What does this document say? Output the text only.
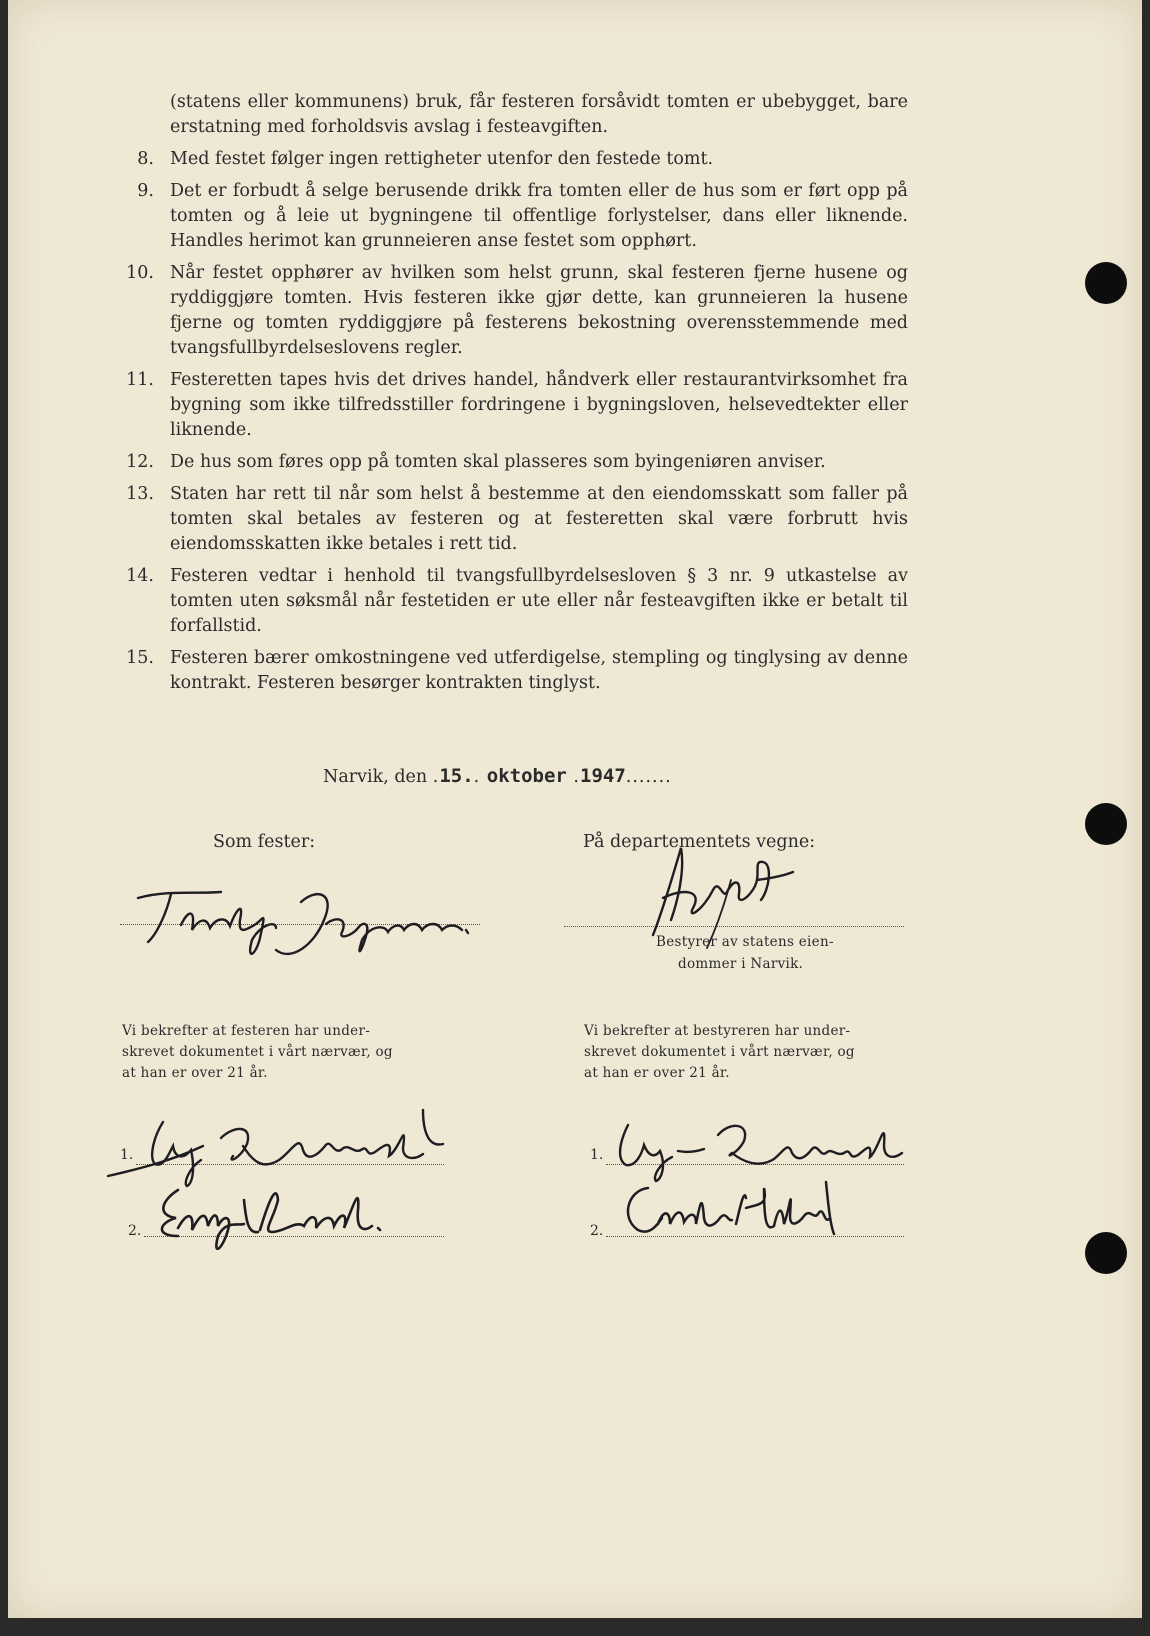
(statens eller kommunens) bruk, får festeren forsåvidt tomten er ubebygget, bare erstatning med forholdsvis avslag i festeavgiften.
8. Med festet følger ingen rettigheter utenfor den festede tomt.
9. Det er forbudt å selge berusende drikk fra tomten eller de hus som er ført opp på tomten og å leie ut bygningene til offentlige forlystelser, dans eller liknende. Handles herimot kan grunneieren anse festet som opphørt.
10. Når festet opphører av hvilken som helst grunn, skal festeren fjerne husene og ryddiggjøre tomten. Hvis festeren ikke gjør dette, kan grunneieren la husene fjerne og tomten ryddiggjøre på festerens bekostning overensstemmende med tvangsfullbyrdelseslovens regler.
11. Festeretten tapes hvis det drives handel, håndverk eller restaurantvirksomhet fra bygning som ikke tilfredsstiller fordringene i bygningsloven, helsevedtekter eller liknende.
12. De hus som føres opp på tomten skal plasseres som byingeniøren anviser.
13. Staten har rett til når som helst å bestemme at den eiendomsskatt som faller på tomten skal betales av festeren og at festeretten skal være forbrutt hvis eiendomsskatten ikke betales i rett tid.
14. Festeren vedtar i henhold til tvangsfullbyrdelsesloven § 3 nr. 9 utkastelse av tomten uten søksmål når festetiden er ute eller når festeavgiften ikke er betalt til forfallstid.
15. Festeren bærer omkostningene ved utferdigelse, stempling og tinglysing av denne kontrakt. Festeren besørger kontrakten tinglyst.
Narvik, den .15.. oktober .1947.......
Som fester:	På departementets vegne:
Bestyrer av statens eien-
dommer i Narvik.
Vi bekrefter at festeren har under-
skrevet dokumentet i vårt nærvær, og
at han er over 21 år.
Vi bekrefter at bestyreren har under-
skrevet dokumentet i vårt nærvær, og
at han er over 21 år.
1.
2.
1.
2.
